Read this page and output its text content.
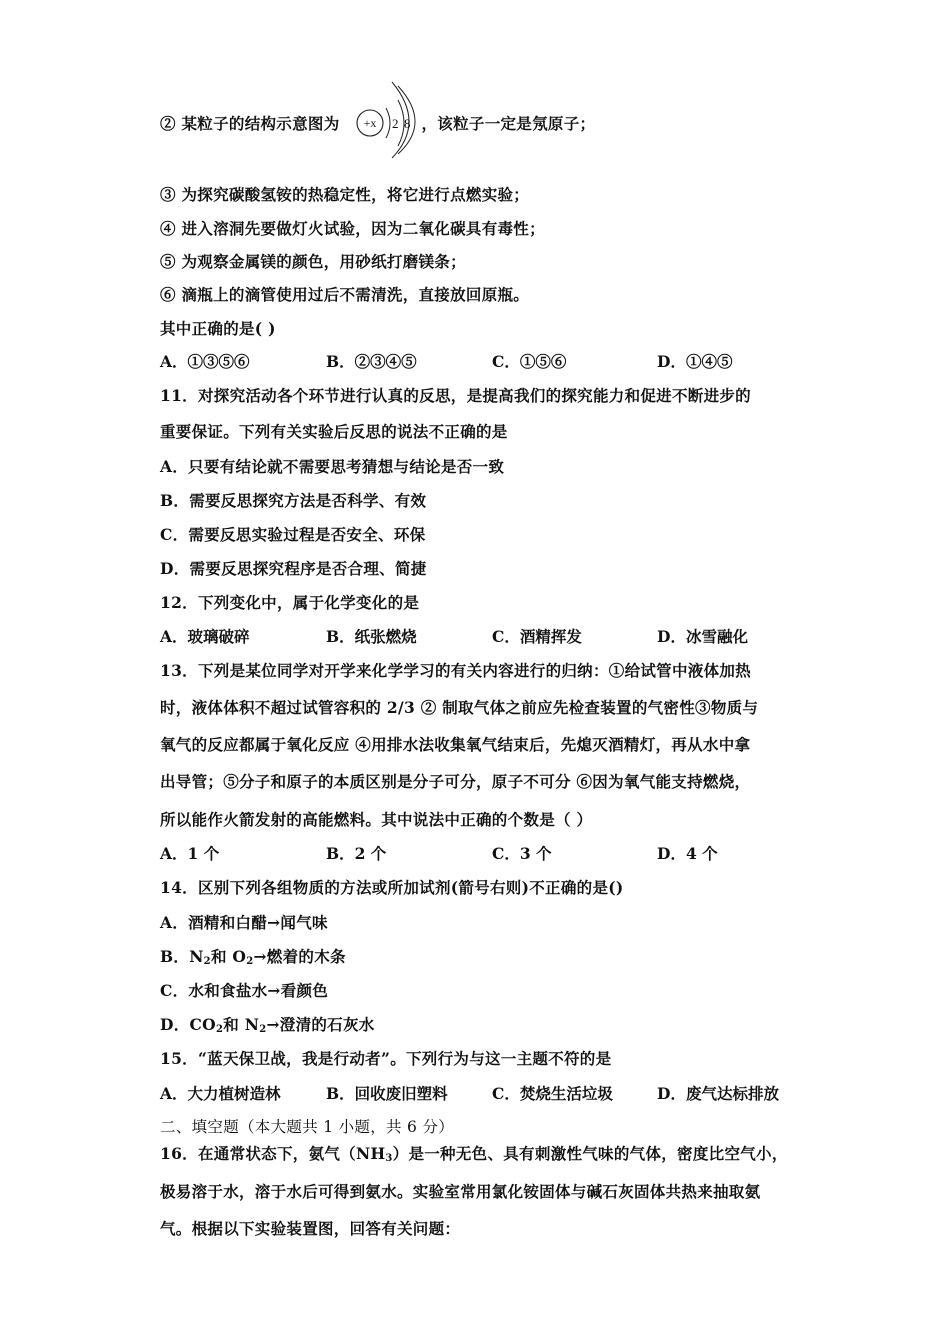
② 某粒子的结构示意图为	，该粒子一定是氖原子；
+x 2 8
③ 为探究碳酸氢铵的热稳定性，将它进行点燃实验；
④ 进入溶洞先要做灯火试验，因为二氧化碳具有毒性；
⑤ 为观察金属镁的颜色，用砂纸打磨镁条；
⑥ 滴瓶上的滴管使用过后不需清洗，直接放回原瓶。
其中正确的是( )
A．①③⑤⑥	B．②③④⑤	C．①⑤⑥	D．①④⑤
11．对探究活动各个环节进行认真的反思，是提高我们的探究能力和促进不断进步的
重要保证。下列有关实验后反思的说法不正确的是
A．只要有结论就不需要思考猜想与结论是否一致
B．需要反思探究方法是否科学、有效
C．需要反思实验过程是否安全、环保
D．需要反思探究程序是否合理、简捷
12．下列变化中，属于化学变化的是
A．玻璃破碎	B．纸张燃烧	C．酒精挥发	D．冰雪融化
13．下列是某位同学对开学来化学学习的有关内容进行的归纳：①给试管中液体加热
时，液体体积不超过试管容积的 2/3 ② 制取气体之前应先检查装置的气密性③物质与
氧气的反应都属于氧化反应 ④用排水法收集氧气结束后，先熄灭酒精灯，再从水中拿
出导管；⑤分子和原子的本质区别是分子可分，原子不可分 ⑥因为氧气能支持燃烧，
所以能作火箭发射的高能燃料。其中说法中正确的个数是（ ）
A．1 个	B．2 个	C．3 个	D．4 个
14．区别下列各组物质的方法或所加试剂(箭号右则)不正确的是()
A．酒精和白醋→闻气味
B．$N_2$和 $O_2\to$燃着的木条
C．水和食盐水→看颜色
D．$CO_2$和 $N_2\to$澄清的石灰水
15．“蓝天保卫战，我是行动者”。下列行为与这一主题不符的是
A．大力植树造林	B．回收废旧塑料	C．焚烧生活垃圾	D．废气达标排放
二、填空题（本大题共 1 小题，共 6 分）
16．在通常状态下，氨气$(NH_3)$是一种无色、具有刺激性气味的气体，密度比空气小，
极易溶于水，溶于水后可得到氨水。实验室常用氯化铵固体与碱石灰固体共热来抽取氨
气。根据以下实验装置图，回答有关问题：
